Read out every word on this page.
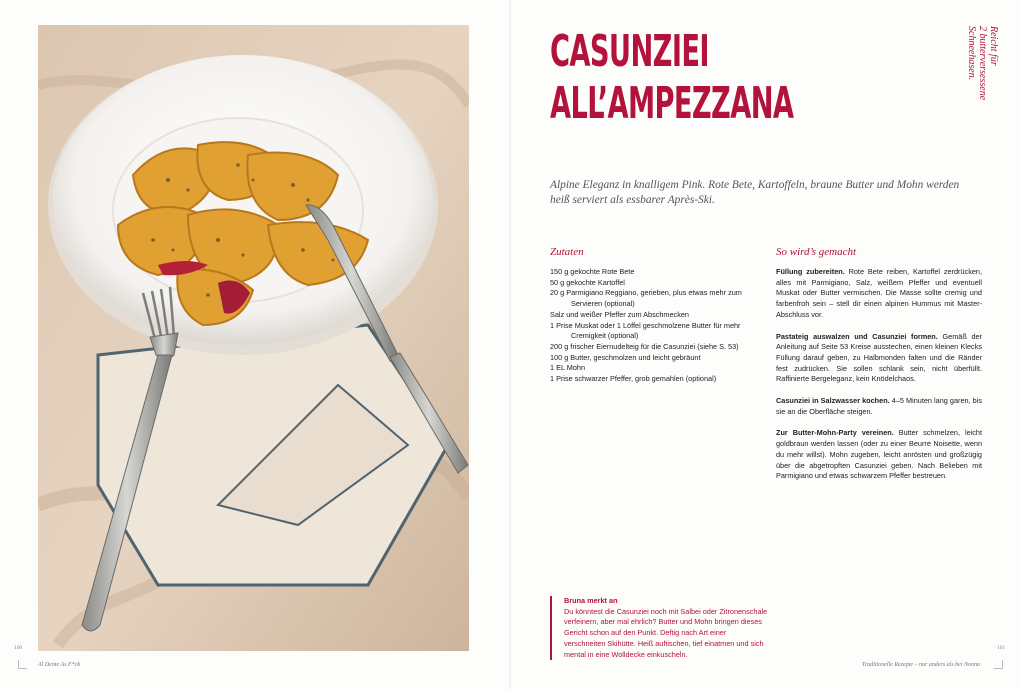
CASUNZIEI
ALL’AMPEZZANA
Reicht für
2 butterversessene
Schneehasen.
Alpine Eleganz in knalligem Pink. Rote Bete, Kartoffeln, braune Butter und Mohn werden heiß serviert als essbarer Après-Ski.
Zutaten
150 g gekochte Rote Bete
50 g gekochte Kartoffel
20 g Parmigiano Reggiano, gerieben, plus etwas mehr zum Servieren (optional)
Salz und weißer Pfeffer zum Abschmecken
1 Prise Muskat oder 1 Löffel geschmolzene Butter für mehr Cremigkeit (optional)
200 g frischer Eiernudelteig für die Casunziei (siehe S. 53)
100 g Butter, geschmolzen und leicht gebräunt
1 EL Mohn
1 Prise schwarzer Pfeffer, grob gemahlen (optional)
So wird’s gemacht

Füllung zubereiten. Rote Bete reiben, Kartoffel zerdrücken, alles mit Parmigiano, Salz, weißem Pfeffer und eventuell Muskat oder Butter vermischen. Die Masse sollte cremig und farbenfroh sein – stell dir einen alpinen Hummus mit Master-Abschluss vor.

Pastateig auswalzen und Casunziei formen. Gemäß der Anleitung auf Seite 53 Kreise ausstechen, einen kleinen Klecks Füllung darauf geben, zu Halbmonden falten und die Ränder fest zudrücken. Sie sollen schlank sein, nicht überfüllt. Raffinierte Bergeleganz, kein Knödelchaos.

Casunziei in Salzwasser kochen. 4–5 Minuten lang garen, bis sie an die Oberfläche steigen.

Zur Butter-Mohn-Party vereinen. Butter schmelzen, leicht goldbraun werden lassen (oder zu einer Beurre Noisette, wenn du mehr willst). Mohn zugeben, leicht anrösten und großzügig über die abgetropften Casunziei geben. Nach Belieben mit Parmigiano und etwas schwarzem Pfeffer bestreuen.

Bruna merkt an
Du könntest die Casunziei noch mit Salbei oder Zitronenschale verfeinern, aber mal ehrlich? Butter und Mohn bringen dieses Gericht schon auf den Punkt. Deftig nach Art einer verschneiten Skihütte. Heiß auftischen, tief einatmen und sich mental in eine Wolldecke einkuscheln.
100	101
Al Dente As F*ck	Traditionelle Rezepte – nur anders als bei Nonna
